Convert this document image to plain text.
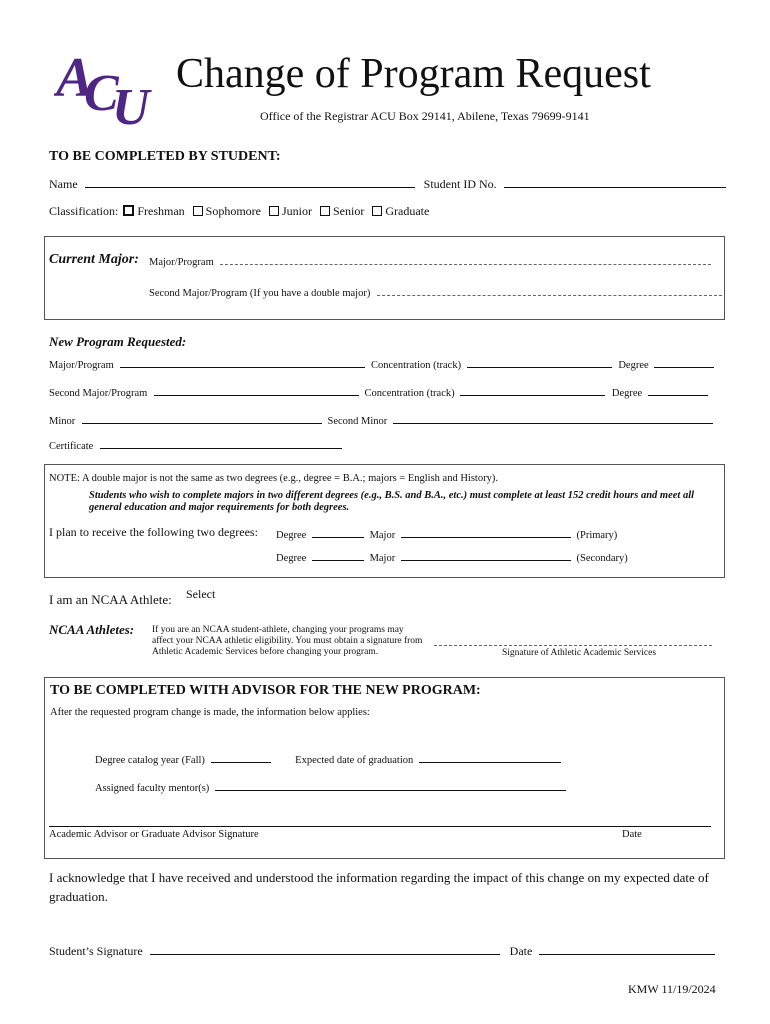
A
C
U
Change of Program Request
Office of the Registrar ACU Box 29141, Abilene, Texas 79699-9141
TO BE COMPLETED BY STUDENT:
Name	Student ID No.
Classification: Freshman Sophomore Junior Senior Graduate
Current Major: Major/Program
Second Major/Program (If you have a double major)
New Program Requested:
Major/Program	Concentration (track)	Degree
Second Major/Program	Concentration (track)	Degree
Minor	Second Minor
Certificate
NOTE: A double major is not the same as two degrees (e.g., degree = B.A.; majors = English and History).
Students who wish to complete majors in two different degrees (e.g., B.S. and B.A., etc.) must complete at least 152 credit hours and meet all general education and major requirements for both degrees.
I plan to receive the following two degrees: Degree	Major	(Primary)
Degree	Major	(Secondary)
I am an NCAA Athlete: Select
NCAA Athletes: If you are an NCAA student-athlete, changing your programs may affect your NCAA athletic eligibility. You must obtain a signature from Athletic Academic Services before changing your program.	Signature of Athletic Academic Services
TO BE COMPLETED WITH ADVISOR FOR THE NEW PROGRAM:
After the requested program change is made, the information below applies:
Degree catalog year (Fall)	Expected date of graduation
Assigned faculty mentor(s)
Academic Advisor or Graduate Advisor Signature	Date
I acknowledge that I have received and understood the information regarding the impact of this change on my expected date of graduation.
Student’s Signature	Date
KMW 11/19/2024
